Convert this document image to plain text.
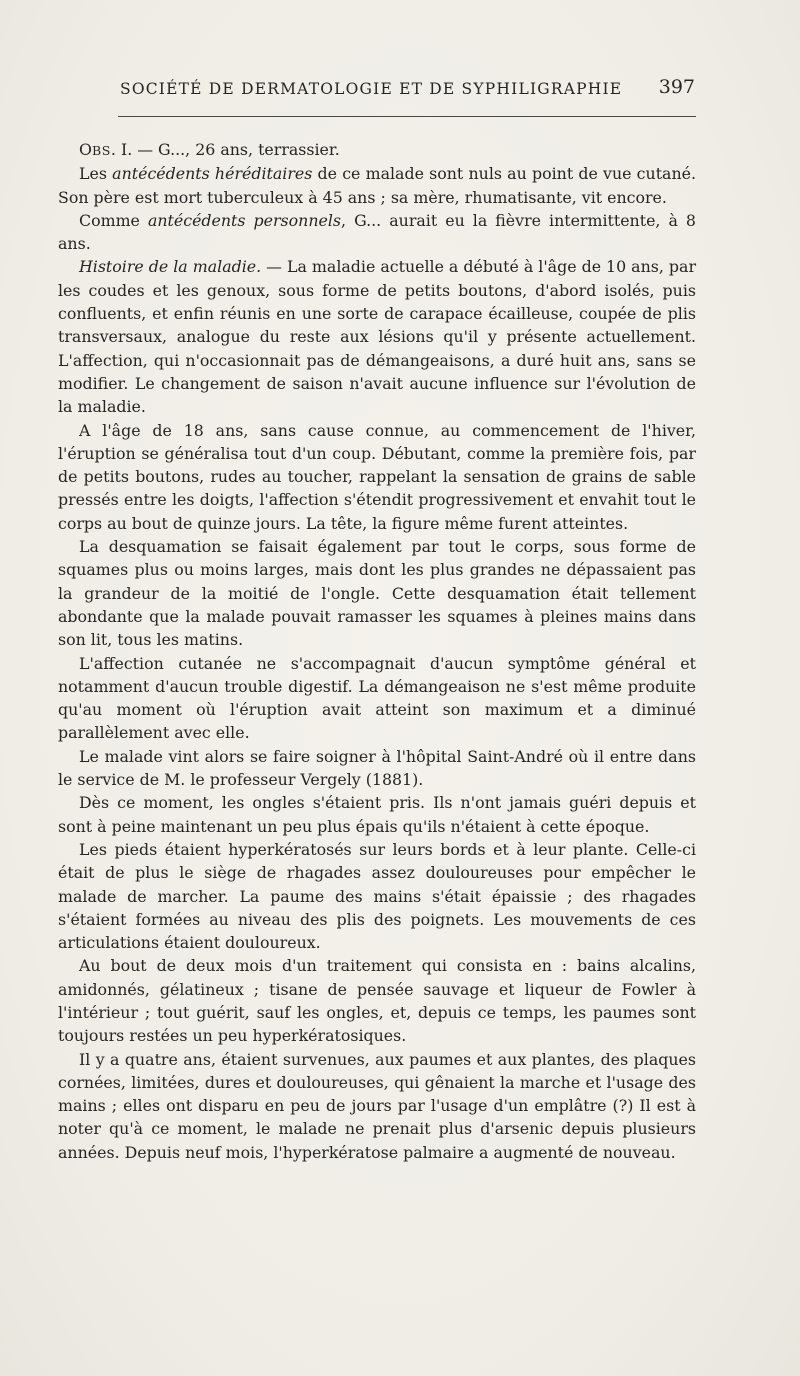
SOCIÉTÉ DE DERMATOLOGIE ET DE SYPHILIGRAPHIE 397

OBS. I. — G..., 26 ans, terrassier.

Les antécédents héréditaires de ce malade sont nuls au point de vue cutané. Son père est mort tuberculeux à 45 ans ; sa mère, rhumatisante, vit encore.

Comme antécédents personnels, G... aurait eu la fièvre intermittente, à 8 ans.

Histoire de la maladie. — La maladie actuelle a débuté à l'âge de 10 ans, par les coudes et les genoux, sous forme de petits boutons, d'abord isolés, puis confluents, et enfin réunis en une sorte de carapace écailleuse, coupée de plis transversaux, analogue du reste aux lésions qu'il y présente actuellement. L'affection, qui n'occasionnait pas de démangeaisons, a duré huit ans, sans se modifier. Le changement de saison n'avait aucune influence sur l'évolution de la maladie.

A l'âge de 18 ans, sans cause connue, au commencement de l'hiver, l'éruption se généralisa tout d'un coup. Débutant, comme la première fois, par de petits boutons, rudes au toucher, rappelant la sensation de grains de sable pressés entre les doigts, l'affection s'étendit progressivement et envahit tout le corps au bout de quinze jours. La tête, la figure même furent atteintes.

La desquamation se faisait également par tout le corps, sous forme de squames plus ou moins larges, mais dont les plus grandes ne dépassaient pas la grandeur de la moitié de l'ongle. Cette desquamation était tellement abondante que la malade pouvait ramasser les squames à pleines mains dans son lit, tous les matins.

L'affection cutanée ne s'accompagnait d'aucun symptôme général et notamment d'aucun trouble digestif. La démangeaison ne s'est même produite qu'au moment où l'éruption avait atteint son maximum et a diminué parallèlement avec elle.

Le malade vint alors se faire soigner à l'hôpital Saint-André où il entre dans le service de M. le professeur Vergely (1881).

Dès ce moment, les ongles s'étaient pris. Ils n'ont jamais guéri depuis et sont à peine maintenant un peu plus épais qu'ils n'étaient à cette époque.

Les pieds étaient hyperkératosés sur leurs bords et à leur plante. Celle-ci était de plus le siège de rhagades assez douloureuses pour empêcher le malade de marcher. La paume des mains s'était épaissie ; des rhagades s'étaient formées au niveau des plis des poignets. Les mouvements de ces articulations étaient douloureux.

Au bout de deux mois d'un traitement qui consista en : bains alcalins, amidonnés, gélatineux ; tisane de pensée sauvage et liqueur de Fowler à l'intérieur ; tout guérit, sauf les ongles, et, depuis ce temps, les paumes sont toujours restées un peu hyperkératosiques.

Il y a quatre ans, étaient survenues, aux paumes et aux plantes, des plaques cornées, limitées, dures et douloureuses, qui gênaient la marche et l'usage des mains ; elles ont disparu en peu de jours par l'usage d'un emplâtre (?) Il est à noter qu'à ce moment, le malade ne prenait plus d'arsenic depuis plusieurs années. Depuis neuf mois, l'hyperkératose palmaire a augmenté de nouveau.
